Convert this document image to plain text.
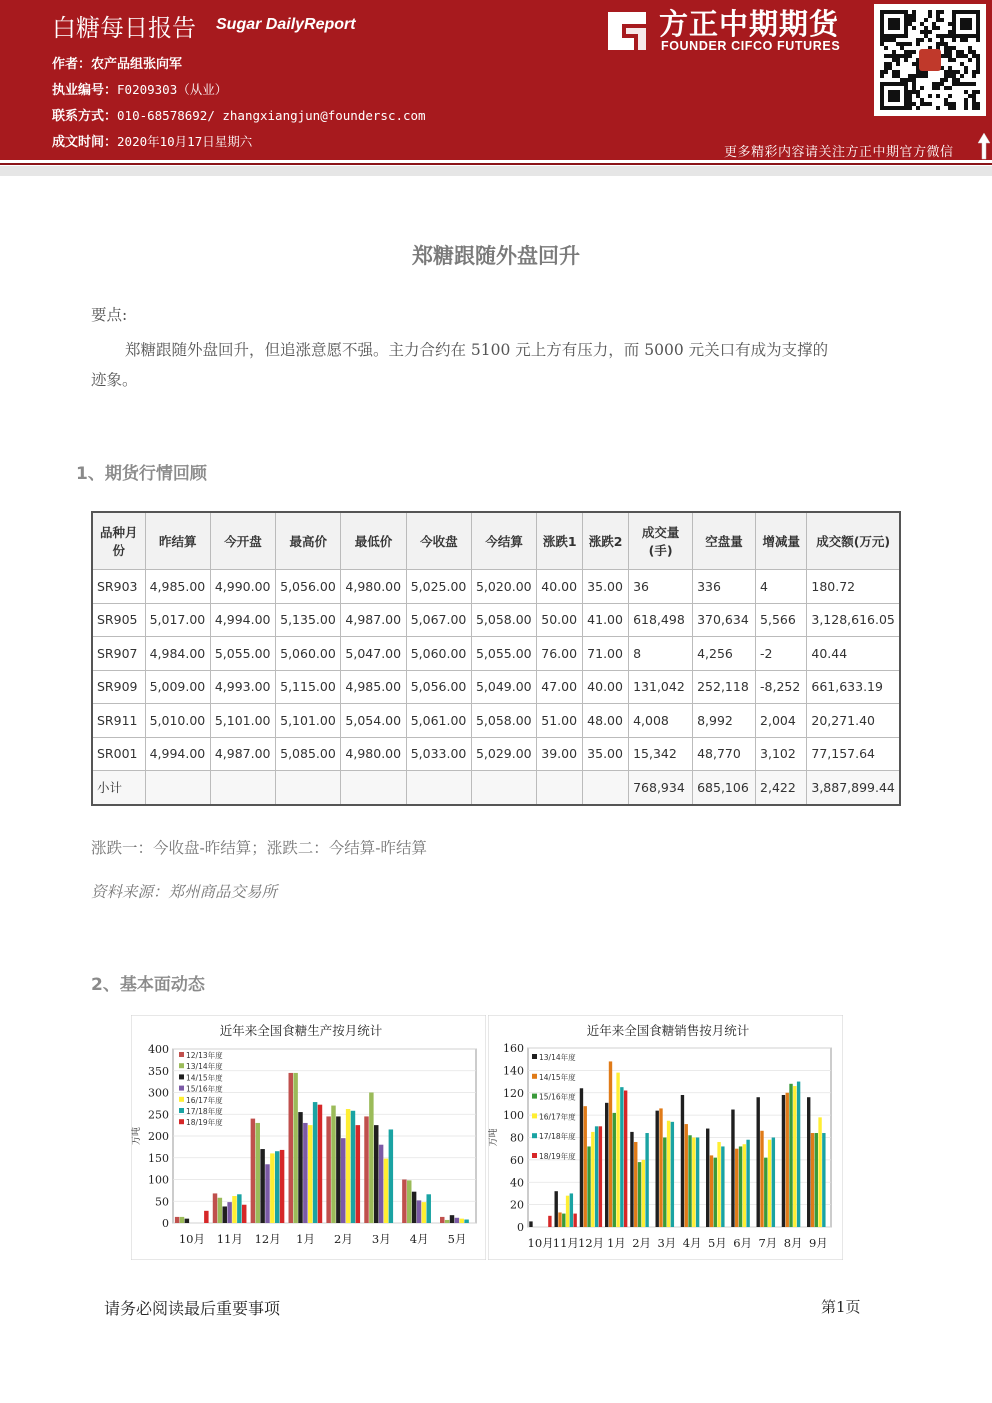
白糖每日报告 Sugar DailyReport
作者：农产品组张向军
执业编号：F0209303（从业）
联系方式：010-68578692/ zhangxiangjun@foundersc.com
成文时间：2020年10月17日星期六
方正中期期货
FOUNDER CIFCO FUTURES
更多精彩内容请关注方正中期官方微信
郑糖跟随外盘回升
要点:
郑糖跟随外盘回升，但追涨意愿不强。主力合约在 5100 元上方有压力，而 5000 元关口有成为支撑的
迹象。
1、期货行情回顾
品种月份	昨结算	今开盘	最高价	最低价	今收盘	今结算	涨跌1	涨跌2	成交量(手)	空盘量	增减量	成交额(万元)
SR903	4,985.00	4,990.00	5,056.00	4,980.00	5,025.00	5,020.00	40.00	35.00	36	336	4	180.72
SR905	5,017.00	4,994.00	5,135.00	4,987.00	5,067.00	5,058.00	50.00	41.00	618,498	370,634	5,566	3,128,616.05
SR907	4,984.00	5,055.00	5,060.00	5,047.00	5,060.00	5,055.00	76.00	71.00	8	4,256	-2	40.44
SR909	5,009.00	4,993.00	5,115.00	4,985.00	5,056.00	5,049.00	47.00	40.00	131,042	252,118	-8,252	661,633.19
SR911	5,010.00	5,101.00	5,101.00	5,054.00	5,061.00	5,058.00	51.00	48.00	4,008	8,992	2,004	20,271.40
SR001	4,994.00	4,987.00	5,085.00	4,980.00	5,033.00	5,029.00	39.00	35.00	15,342	48,770	3,102	77,157.64
小计									768,934	685,106	2,422	3,887,899.44
涨跌一：今收盘-昨结算；涨跌二：今结算-昨结算
资料来源：郑州商品交易所
2、基本面动态
近年来全国食糖生产按月统计
0
50
100
150
200
250
300
350
400
万吨
10月 11月 12月 1月 2月 3月 4月 5月
12/13年度
13/14年度
14/15年度
15/16年度
16/17年度
17/18年度
18/19年度
近年来全国食糖销售按月统计
0
20
40
60
80
100
120
140
160
万吨
10月 11月 12月 1月 2月 3月 4月 5月 6月 7月 8月 9月
13/14年度
14/15年度
15/16年度
16/17年度
17/18年度
18/19年度
请务必阅读最后重要事项	第1页
